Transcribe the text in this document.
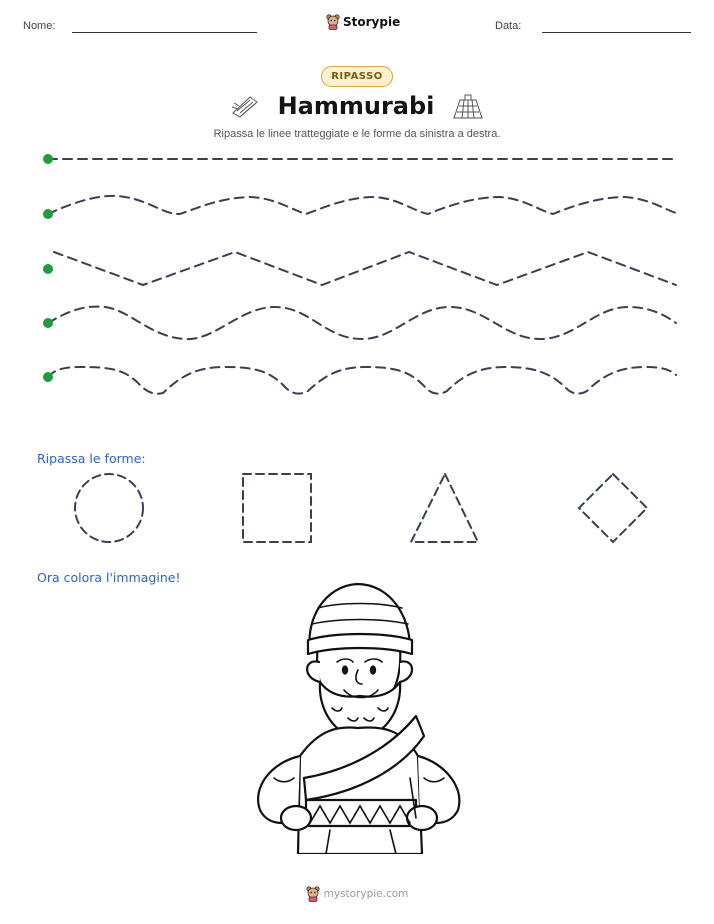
Nome:	Storypie	Data:
RIPASSO
Hammurabi
Ripassa le linee tratteggiate e le forme da sinistra a destra.
Ripassa le forme:
Ora colora l'immagine!
mystorypie.com
